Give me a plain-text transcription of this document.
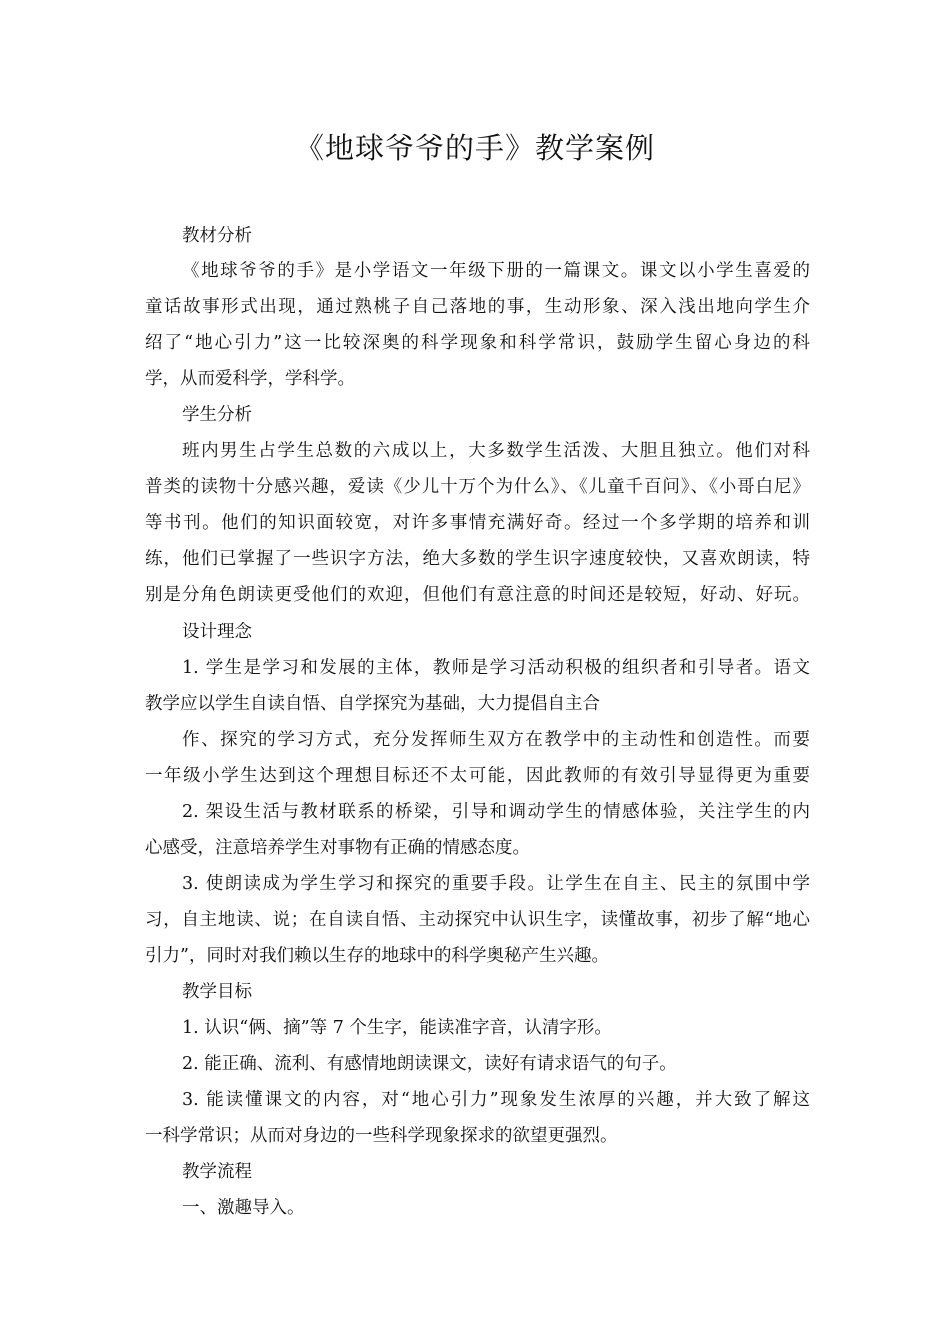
《地球爷爷的手》教学案例
教材分析
《地球爷爷的手》是小学语文一年级下册的一篇课文。课文以小学生喜爱的
童话故事形式出现，通过熟桃子自己落地的事，生动形象、深入浅出地向学生介
绍了“地心引力”这一比较深奥的科学现象和科学常识，鼓励学生留心身边的科
学，从而爱科学，学科学。
学生分析
班内男生占学生总数的六成以上，大多数学生活泼、大胆且独立。他们对科
普类的读物十分感兴趣，爱读《少儿十万个为什么》、《儿童千百问》、《小哥白尼》
等书刊。他们的知识面较宽，对许多事情充满好奇。经过一个多学期的培养和训
练，他们已掌握了一些识字方法，绝大多数的学生识字速度较快，又喜欢朗读，特
别是分角色朗读更受他们的欢迎，但他们有意注意的时间还是较短，好动、好玩。
设计理念
1. 学生是学习和发展的主体，教师是学习活动积极的组织者和引导者。语文
教学应以学生自读自悟、自学探究为基础，大力提倡自主合
作、探究的学习方式，充分发挥师生双方在教学中的主动性和创造性。而要
一年级小学生达到这个理想目标还不太可能，因此教师的有效引导显得更为重要
2. 架设生活与教材联系的桥梁，引导和调动学生的情感体验，关注学生的内
心感受，注意培养学生对事物有正确的情感态度。
3. 使朗读成为学生学习和探究的重要手段。让学生在自主、民主的氛围中学
习，自主地读、说；在自读自悟、主动探究中认识生字，读懂故事，初步了解“地心
引力”，同时对我们赖以生存的地球中的科学奥秘产生兴趣。
教学目标
1. 认识“俩、摘”等 7 个生字，能读准字音，认清字形。
2. 能正确、流利、有感情地朗读课文，读好有请求语气的句子。
3. 能读懂课文的内容，对“地心引力”现象发生浓厚的兴趣，并大致了解这
一科学常识；从而对身边的一些科学现象探求的欲望更强烈。
教学流程
一、激趣导入。
